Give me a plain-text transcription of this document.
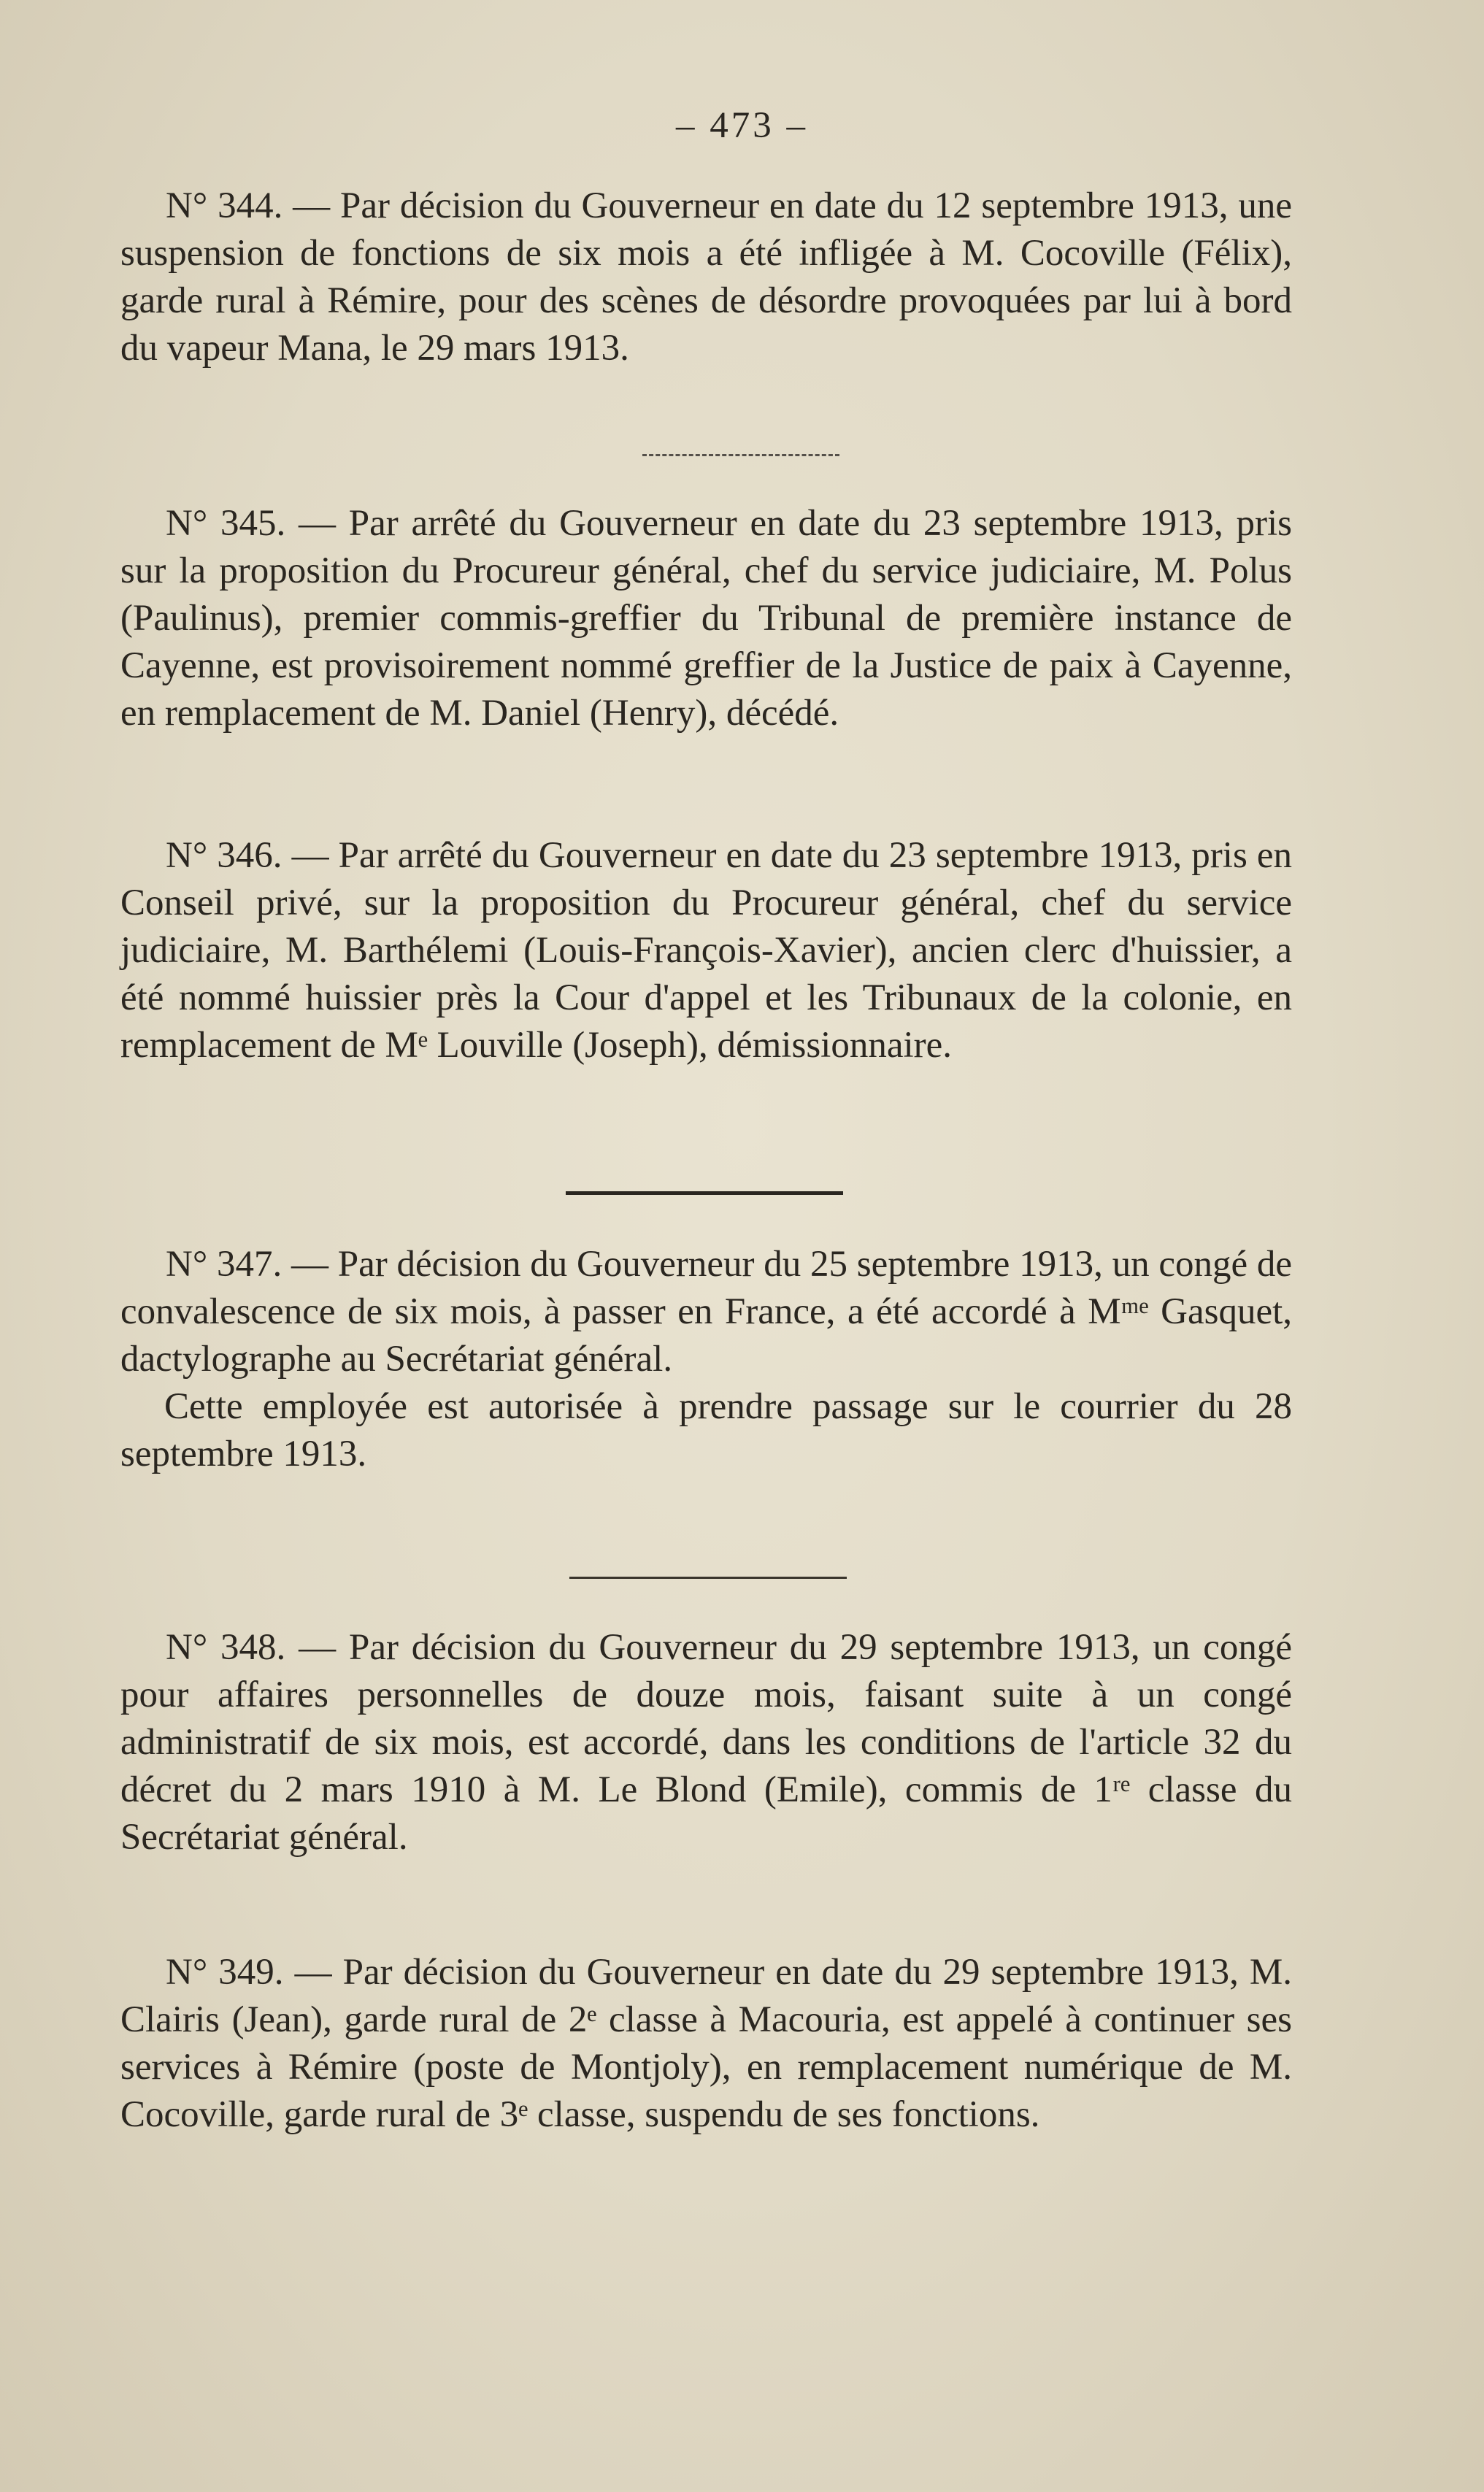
– 473 –

N° 344. — Par décision du Gouverneur en date du 12 septembre 1913, une suspension de fonctions de six mois a été infligée à M. Cocoville (Félix), garde rural à Rémire, pour des scènes de désordre provoquées par lui à bord du vapeur Mana, le 29 mars 1913.

N° 345. — Par arrêté du Gouverneur en date du 23 septembre 1913, pris sur la proposition du Procureur général, chef du service judiciaire, M. Polus (Paulinus), premier commis-greffier du Tribunal de première instance de Cayenne, est provisoirement nommé greffier de la Justice de paix à Cayenne, en remplacement de M. Daniel (Henry), décédé.

N° 346. — Par arrêté du Gouverneur en date du 23 septembre 1913, pris en Conseil privé, sur la proposition du Procureur général, chef du service judiciaire, M. Barthélemi (Louis-François-Xavier), ancien clerc d'huissier, a été nommé huissier près la Cour d'appel et les Tribunaux de la colonie, en remplacement de Mᵉ Louville (Joseph), démissionnaire.

N° 347. — Par décision du Gouverneur du 25 septembre 1913, un congé de convalescence de six mois, à passer en France, a été accordé à Mᵐᵉ Gasquet, dactylographe au Secrétariat général.

Cette employée est autorisée à prendre passage sur le courrier du 28 septembre 1913.

N° 348. — Par décision du Gouverneur du 29 septembre 1913, un congé pour affaires personnelles de douze mois, faisant suite à un congé administratif de six mois, est accordé, dans les conditions de l'article 32 du décret du 2 mars 1910 à M. Le Blond (Emile), commis de 1ʳᵉ classe du Secrétariat général.

N° 349. — Par décision du Gouverneur en date du 29 septembre 1913, M. Clairis (Jean), garde rural de 2ᵉ classe à Macouria, est appelé à continuer ses services à Rémire (poste de Montjoly), en remplacement numérique de M. Cocoville, garde rural de 3ᵉ classe, suspendu de ses fonctions.
